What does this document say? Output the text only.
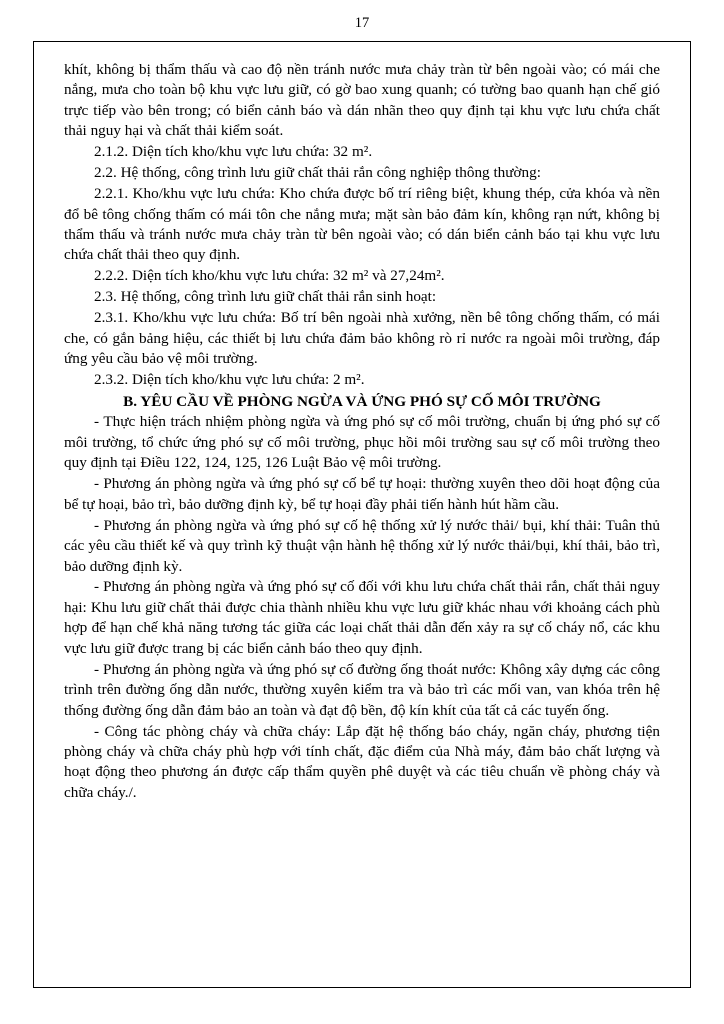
17

khít, không bị thẩm thấu và cao độ nền tránh nước mưa chảy tràn từ bên ngoài vào; có mái che nắng, mưa cho toàn bộ khu vực lưu giữ, có gờ bao xung quanh; có tường bao quanh hạn chế gió trực tiếp vào bên trong; có biển cảnh báo và dán nhãn theo quy định tại khu vực lưu chứa chất thải nguy hại và chất thải kiểm soát.

2.1.2. Diện tích kho/khu vực lưu chứa: 32 m².

2.2. Hệ thống, công trình lưu giữ chất thải rắn công nghiệp thông thường:

2.2.1. Kho/khu vực lưu chứa: Kho chứa được bố trí riêng biệt, khung thép, cửa khóa và nền đổ bê tông chống thấm có mái tôn che nắng mưa; mặt sàn bảo đảm kín, không rạn nứt, không bị thẩm thấu và tránh nước mưa chảy tràn từ bên ngoài vào; có dán biển cảnh báo tại khu vực lưu chứa chất thải theo quy định.

2.2.2. Diện tích kho/khu vực lưu chứa: 32 m² và 27,24m².

2.3. Hệ thống, công trình lưu giữ chất thải rắn sinh hoạt:

2.3.1. Kho/khu vực lưu chứa: Bố trí bên ngoài nhà xưởng, nền bê tông chống thấm, có mái che, có gắn bảng hiệu, các thiết bị lưu chứa đảm bảo không rò rỉ nước ra ngoài môi trường, đáp ứng yêu cầu bảo vệ môi trường.

2.3.2. Diện tích kho/khu vực lưu chứa: 2 m².

B. YÊU CẦU VỀ PHÒNG NGỪA VÀ ỨNG PHÓ SỰ CỐ MÔI TRƯỜNG

- Thực hiện trách nhiệm phòng ngừa và ứng phó sự cố môi trường, chuẩn bị ứng phó sự cố môi trường, tổ chức ứng phó sự cố môi trường, phục hồi môi trường sau sự cố môi trường theo quy định tại Điều 122, 124, 125, 126 Luật Bảo vệ môi trường.

- Phương án phòng ngừa và ứng phó sự cố bể tự hoại: thường xuyên theo dõi hoạt động của bể tự hoại, bảo trì, bảo dưỡng định kỳ, bể tự hoại đầy phải tiến hành hút hầm cầu.

- Phương án phòng ngừa và ứng phó sự cố hệ thống xử lý nước thải/ bụi, khí thải: Tuân thủ các yêu cầu thiết kế và quy trình kỹ thuật vận hành hệ thống xử lý nước thải/bụi, khí thải, bảo trì, bảo dưỡng định kỳ.

- Phương án phòng ngừa và ứng phó sự cố đối với khu lưu chứa chất thải rắn, chất thải nguy hại: Khu lưu giữ chất thải được chia thành nhiều khu vực lưu giữ khác nhau với khoảng cách phù hợp để hạn chế khả năng tương tác giữa các loại chất thải dẫn đến xảy ra sự cố cháy nổ, các khu vực lưu giữ được trang bị các biển cảnh báo theo quy định.

- Phương án phòng ngừa và ứng phó sự cố đường ống thoát nước: Không xây dựng các công trình trên đường ống dẫn nước, thường xuyên kiểm tra và bảo trì các mối van, van khóa trên hệ thống đường ống dẫn đảm bảo an toàn và đạt độ bền, độ kín khít của tất cả các tuyến ống.

- Công tác phòng cháy và chữa cháy: Lắp đặt hệ thống báo cháy, ngăn cháy, phương tiện phòng cháy và chữa cháy phù hợp với tính chất, đặc điểm của Nhà máy, đảm bảo chất lượng và hoạt động theo phương án được cấp thẩm quyền phê duyệt và các tiêu chuẩn về phòng cháy và chữa cháy./.
